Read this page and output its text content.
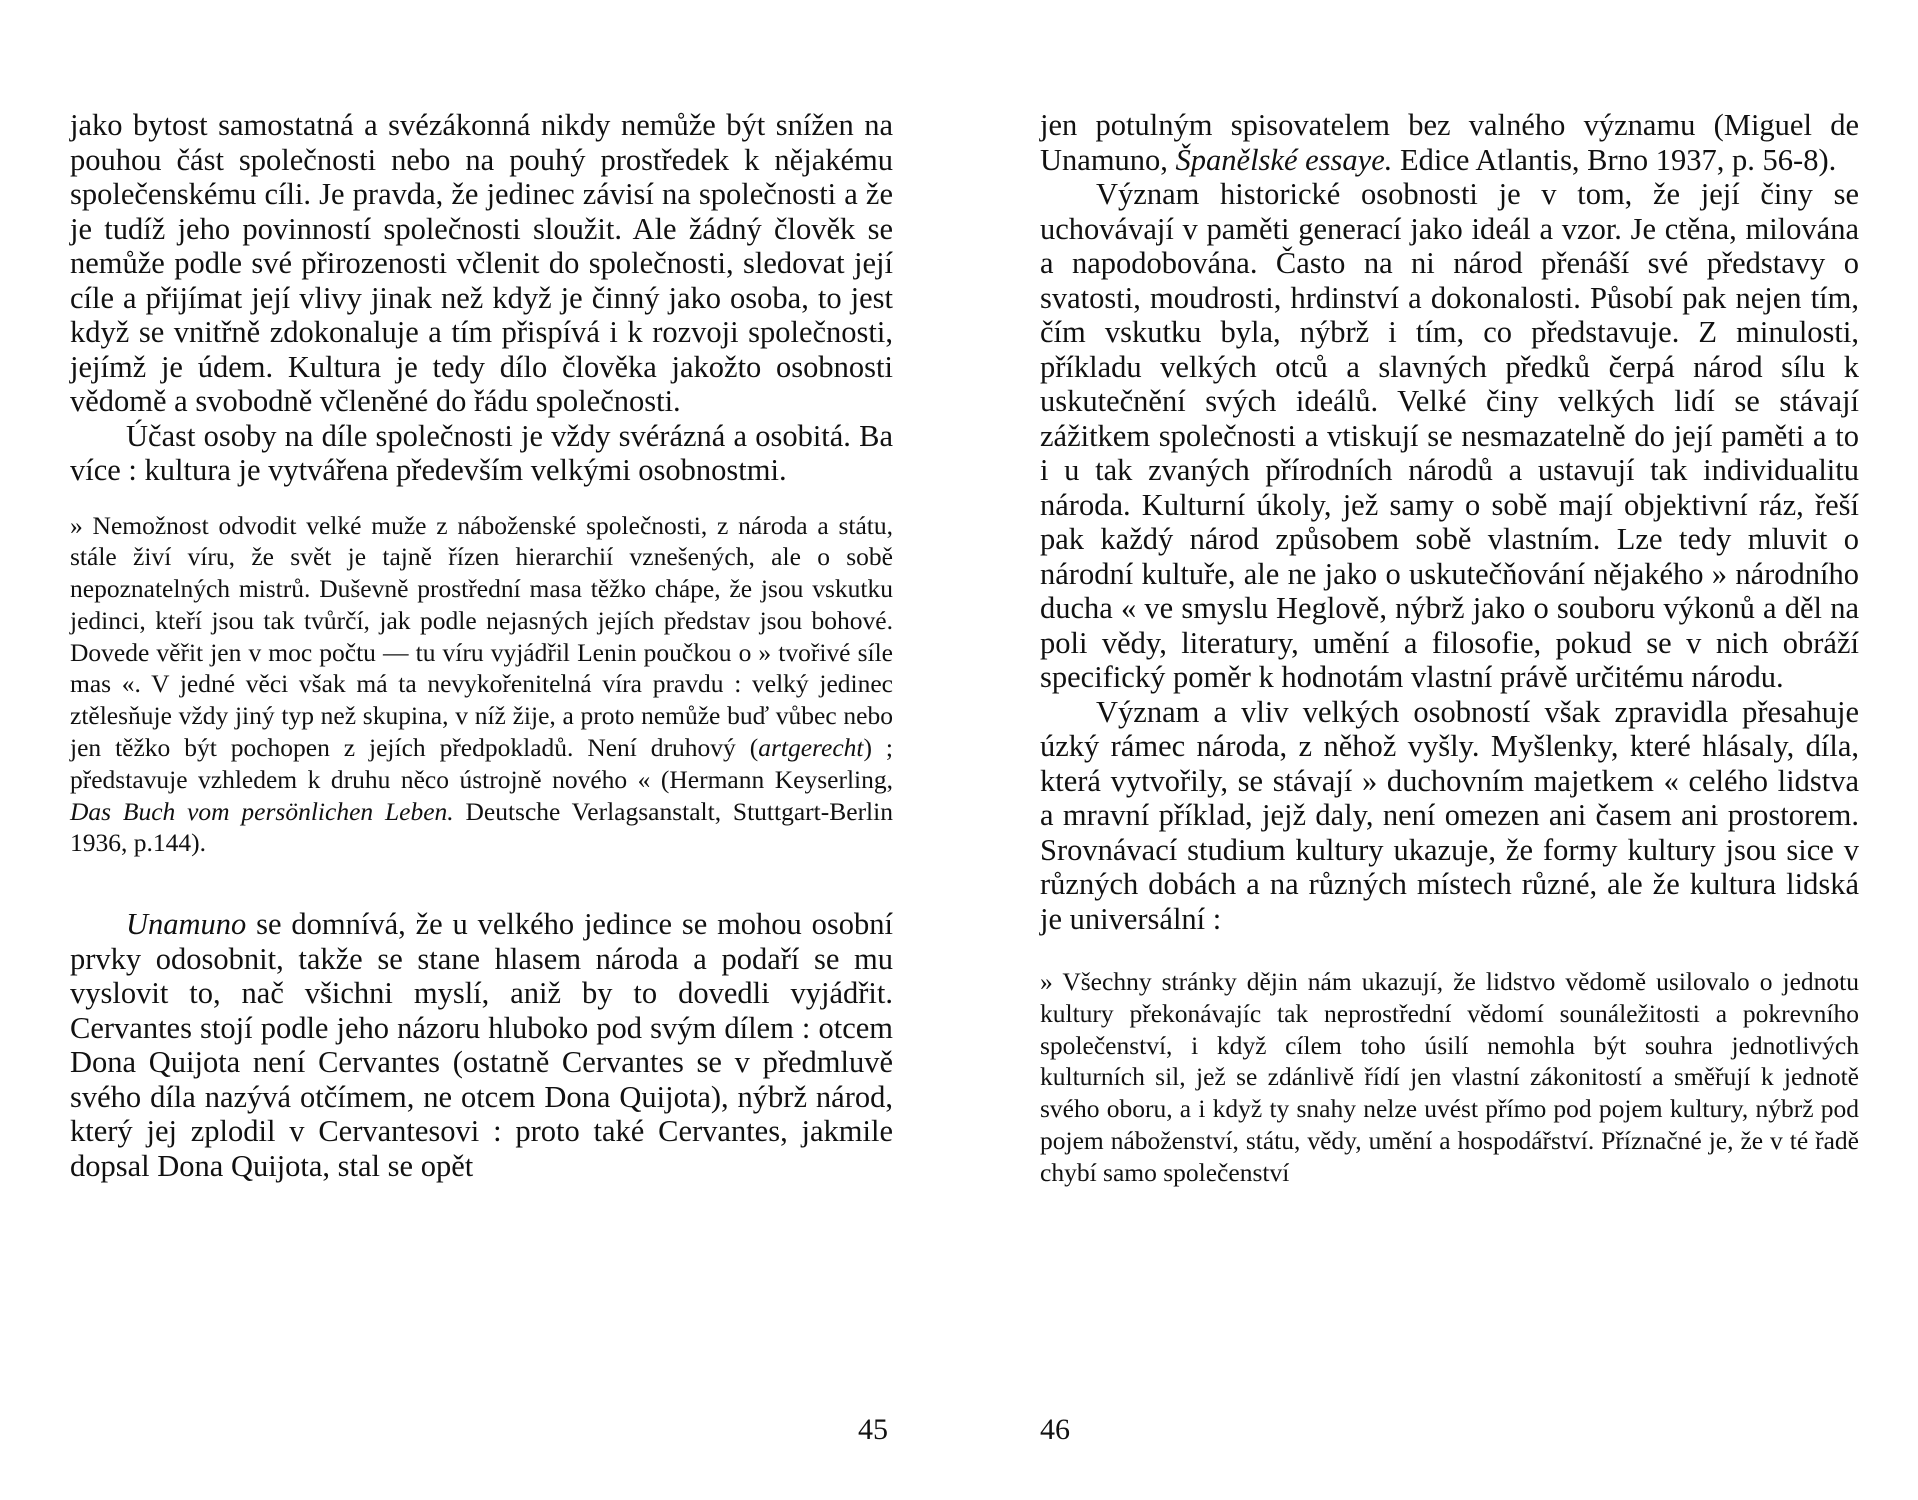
jako bytost samostatná a svézákonná nikdy nemůže být snížen na pouhou část společnosti nebo na pouhý prostředek k nějakému společenskému cíli. Je pravda, že jedinec závisí na společnosti a že je tudíž jeho povinností společnosti sloužit. Ale žádný člověk se nemůže podle své přirozenosti včlenit do společnosti, sledovat její cíle a přijímat její vlivy jinak než když je činný jako osoba, to jest když se vnitřně zdokonaluje a tím přispívá i k rozvoji společnosti, jejímž je údem. Kultura je tedy dílo člověka jakožto osobnosti vědomě a svobodně včleněné do řádu společnosti.

Účast osoby na díle společnosti je vždy svérázná a osobitá. Ba více : kultura je vytvářena především velkými osobnostmi.

» Nemožnost odvodit velké muže z náboženské společnosti, z národa a státu, stále živí víru, že svět je tajně řízen hierarchií vznešených, ale o sobě nepoznatelných mistrů. Duševně prostřední masa těžko chápe, že jsou vskutku jedinci, kteří jsou tak tvůrčí, jak podle nejasných jejích představ jsou bohové. Dovede věřit jen v moc počtu — tu víru vyjádřil Lenin poučkou o » tvořivé síle mas «. V jedné věci však má ta nevykořenitelná víra pravdu : velký jedinec ztělesňuje vždy jiný typ než skupina, v níž žije, a proto nemůže buď vůbec nebo jen těžko být pochopen z jejích předpokladů. Není druhový (artgerecht) ; představuje vzhledem k druhu něco ústrojně nového « (Hermann Keyserling, Das Buch vom persönlichen Leben. Deutsche Verlagsanstalt, Stuttgart-Berlin 1936, p.144).

Unamuno se domnívá, že u velkého jedince se mohou osobní prvky odosobnit, takže se stane hlasem národa a podaří se mu vyslovit to, nač všichni myslí, aniž by to dovedli vyjádřit. Cervantes stojí podle jeho názoru hluboko pod svým dílem : otcem Dona Quijota není Cervantes (ostatně Cervantes se v předmluvě svého díla nazývá otčímem, ne otcem Dona Quijota), nýbrž národ, který jej zplodil v Cervantesovi : proto také Cervantes, jakmile dopsal Dona Quijota, stal se opět

45

jen potulným spisovatelem bez valného významu (Miguel de Unamuno, Španělské essaye. Edice Atlantis, Brno 1937, p. 56-8).

Význam historické osobnosti je v tom, že její činy se uchovávají v paměti generací jako ideál a vzor. Je ctěna, milována a napodobována. Často na ni národ přenáší své představy o svatosti, moudrosti, hrdinství a dokonalosti. Působí pak nejen tím, čím vskutku byla, nýbrž i tím, co představuje. Z minulosti, příkladu velkých otců a slavných předků čerpá národ sílu k uskutečnění svých ideálů. Velké činy velkých lidí se stávají zážitkem společnosti a vtiskují se nesmazatelně do její paměti a to i u tak zvaných přírodních národů a ustavují tak individualitu národa. Kulturní úkoly, jež samy o sobě mají objektivní ráz, řeší pak každý národ způsobem sobě vlastním. Lze tedy mluvit o národní kultuře, ale ne jako o uskutečňování nějakého » národního ducha « ve smyslu Heglově, nýbrž jako o souboru výkonů a děl na poli vědy, literatury, umění a filosofie, pokud se v nich obráží specifický poměr k hodnotám vlastní právě určitému národu.

Význam a vliv velkých osobností však zpravidla přesahuje úzký rámec národa, z něhož vyšly. Myšlenky, které hlásaly, díla, která vytvořily, se stávají » duchovním majetkem « celého lidstva a mravní příklad, jejž daly, není omezen ani časem ani prostorem. Srovnávací studium kultury ukazuje, že formy kultury jsou sice v různých dobách a na různých místech různé, ale že kultura lidská je universální :

» Všechny stránky dějin nám ukazují, že lidstvo vědomě usilovalo o jednotu kultury překonávajíc tak neprostřední vědomí sounáležitosti a pokrevního společenství, i když cílem toho úsilí nemohla být souhra jednotlivých kulturních sil, jež se zdánlivě řídí jen vlastní zákonitostí a směřují k jednotě svého oboru, a i když ty snahy nelze uvést přímo pod pojem kultury, nýbrž pod pojem náboženství, státu, vědy, umění a hospodářství. Příznačné je, že v té řadě chybí samo společenství

46
